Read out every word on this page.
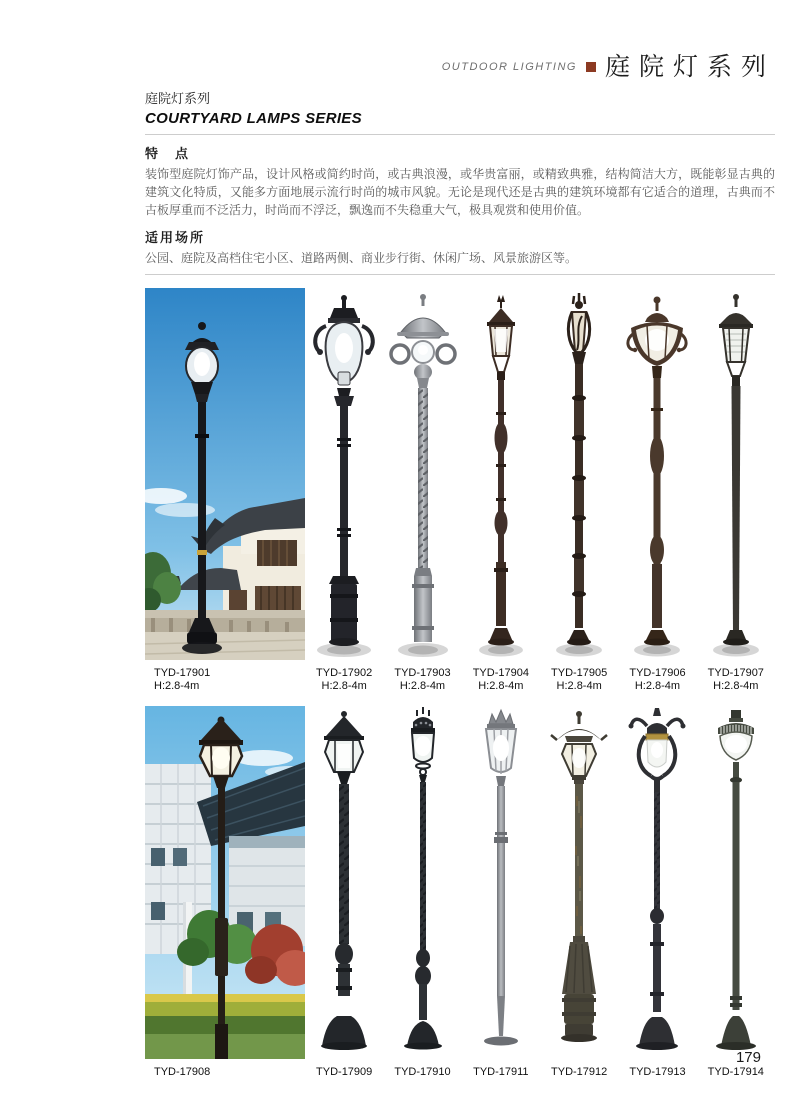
OUTDOOR LIGHTING 庭院灯系列
庭院灯系列
COURTYARD LAMPS SERIES
特　点
装饰型庭院灯饰产品，设计风格或简约时尚，或古典浪漫，或华贵富丽，或精致典雅，结构简洁大方，既能彰显古典的建筑文化特质，又能多方面地展示流行时尚的城市风貌。无论是现代还是古典的建筑环境都有它适合的道理，古典而不古板厚重而不泛活力，时尚而不浮泛，飘逸而不失稳重大气，极具观赏和使用价值。
适用场所
公园、庭院及高档住宅小区、道路两侧、商业步行街、休闲广场、风景旅游区等。
TYD-17901
H:2.8-4m
TYD-17902
H:2.8-4m
TYD-17903
H:2.8-4m
TYD-17904
H:2.8-4m
TYD-17905
H:2.8-4m
TYD-17906
H:2.8-4m
TYD-17907
H:2.8-4m
TYD-17908	TYD-17909 TYD-17910 TYD-17911 TYD-17912 TYD-17913 TYD-17914
179
